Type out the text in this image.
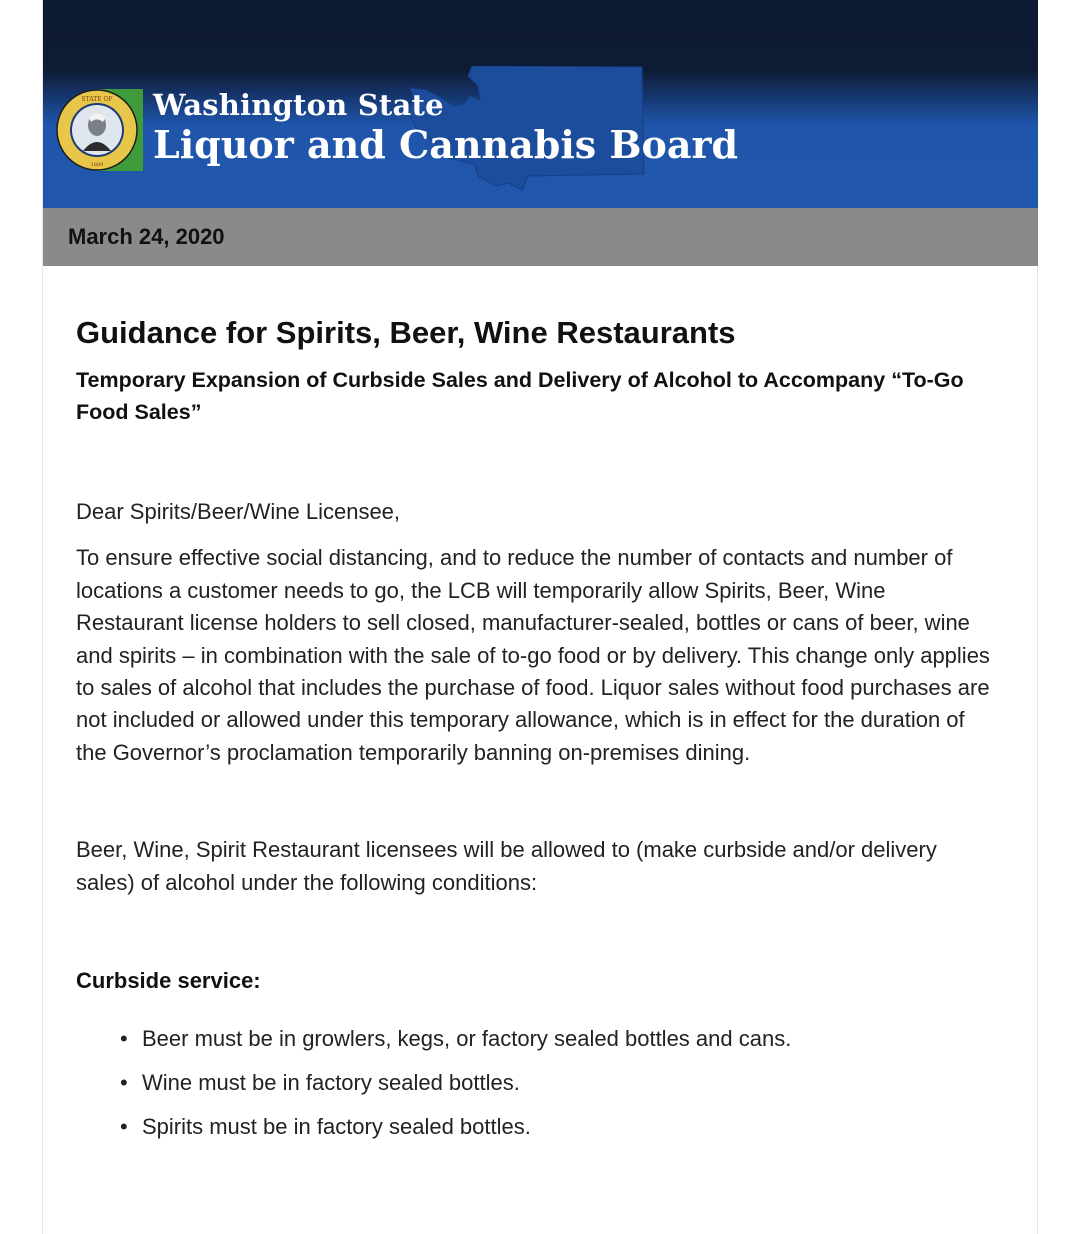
STATE OF
1889
Washington State
Liquor and Cannabis Board
March 24, 2020
Guidance for Spirits, Beer, Wine Restaurants
Temporary Expansion of Curbside Sales and Delivery of Alcohol to Accompany “To-Go Food Sales”

Dear Spirits/Beer/Wine Licensee,

To ensure effective social distancing, and to reduce the number of contacts and number of locations a customer needs to go, the LCB will temporarily allow Spirits, Beer, Wine Restaurant license holders to sell closed, manufacturer-sealed, bottles or cans of beer, wine and spirits – in combination with the sale of to-go food or by delivery. This change only applies to sales of alcohol that includes the purchase of food. Liquor sales without food purchases are not included or allowed under this temporary allowance, which is in effect for the duration of the Governor’s proclamation temporarily banning on-premises dining.

Beer, Wine, Spirit Restaurant licensees will be allowed to (make curbside and/or delivery sales) of alcohol under the following conditions:

Curbside service:
• Beer must be in growlers, kegs, or factory sealed bottles and cans.
• Wine must be in factory sealed bottles.
• Spirits must be in factory sealed bottles.
